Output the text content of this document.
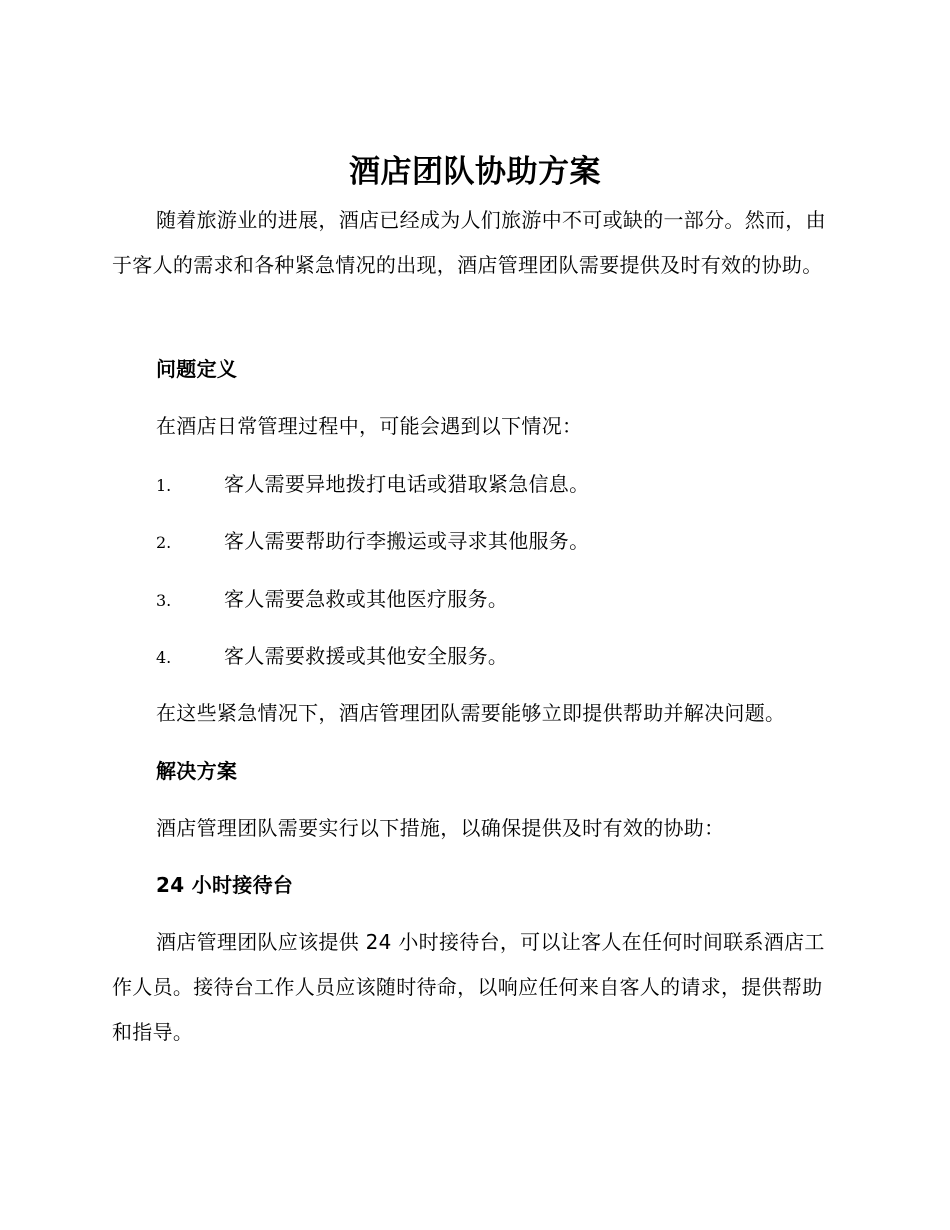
酒店团队协助方案

随着旅游业的进展，酒店已经成为人们旅游中不可或缺的一部分。然而，由于客人的需求和各种紧急情况的出现，酒店管理团队需要提供及时有效的协助。

问题定义
在酒店日常管理过程中，可能会遇到以下情况：
1.	客人需要异地拨打电话或猎取紧急信息。
2.	客人需要帮助行李搬运或寻求其他服务。
3.	客人需要急救或其他医疗服务。
4.	客人需要救援或其他安全服务。
在这些紧急情况下，酒店管理团队需要能够立即提供帮助并解决问题。
解决方案
酒店管理团队需要实行以下措施，以确保提供及时有效的协助：
24 小时接待台

酒店管理团队应该提供 24 小时接待台，可以让客人在任何时间联系酒店工作人员。接待台工作人员应该随时待命，以响应任何来自客人的请求，提供帮助和指导。
